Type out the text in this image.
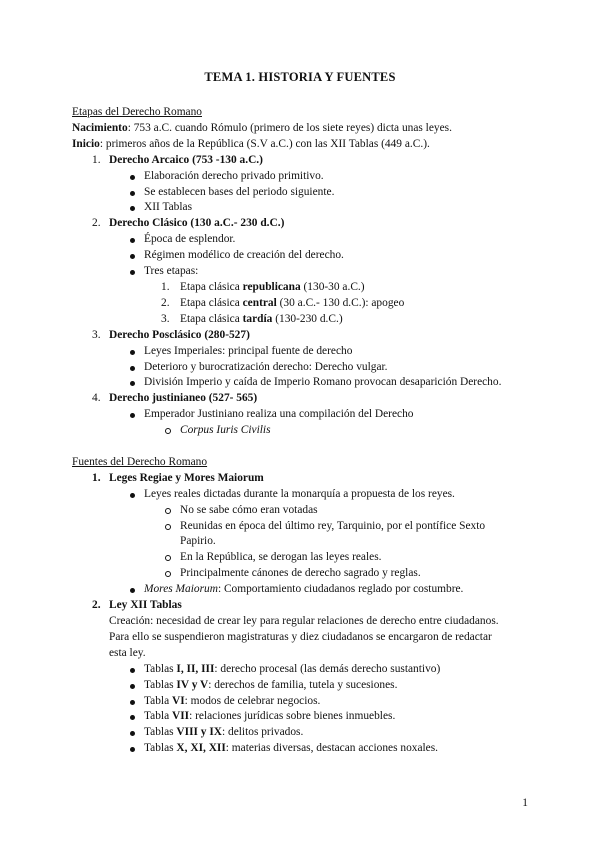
TEMA 1. HISTORIA Y FUENTES
Etapas del Derecho Romano
Nacimiento: 753 a.C. cuando Rómulo (primero de los siete reyes) dicta unas leyes.
Inicio: primeros años de la República (S.V a.C.) con las XII Tablas (449 a.C.).
1. Derecho Arcaico (753 -130 a.C.)
Elaboración derecho privado primitivo.
Se establecen bases del periodo siguiente.
XII Tablas
2. Derecho Clásico (130 a.C.- 230 d.C.)
Época de esplendor.
Régimen modélico de creación del derecho.
Tres etapas:
1. Etapa clásica republicana (130-30 a.C.)
2. Etapa clásica central (30 a.C.- 130 d.C.): apogeo
3. Etapa clásica tardía (130-230 d.C.)
3. Derecho Posclásico (280-527)
Leyes Imperiales: principal fuente de derecho
Deterioro y burocratización derecho: Derecho vulgar.
División Imperio y caída de Imperio Romano provocan desaparición Derecho.
4. Derecho justinianeo (527- 565)
Emperador Justiniano realiza una compilación del Derecho
Corpus Iuris Civilis
Fuentes del Derecho Romano
1. Leges Regiae y Mores Maiorum
Leyes reales dictadas durante la monarquía a propuesta de los reyes.
No se sabe cómo eran votadas
Reunidas en época del último rey, Tarquinio, por el pontífice Sexto
Papirio.
En la República, se derogan las leyes reales.
Principalmente cánones de derecho sagrado y reglas.
Mores Maiorum: Comportamiento ciudadanos reglado por costumbre.
2. Ley XII Tablas
Creación: necesidad de crear ley para regular relaciones de derecho entre ciudadanos.
Para ello se suspendieron magistraturas y diez ciudadanos se encargaron de redactar
esta ley.
Tablas I, II, III: derecho procesal (las demás derecho sustantivo)
Tablas IV y V: derechos de familia, tutela y sucesiones.
Tabla VI: modos de celebrar negocios.
Tabla VII: relaciones jurídicas sobre bienes inmuebles.
Tablas VIII y IX: delitos privados.
Tablas X, XI, XII: materias diversas, destacan acciones noxales.
1
